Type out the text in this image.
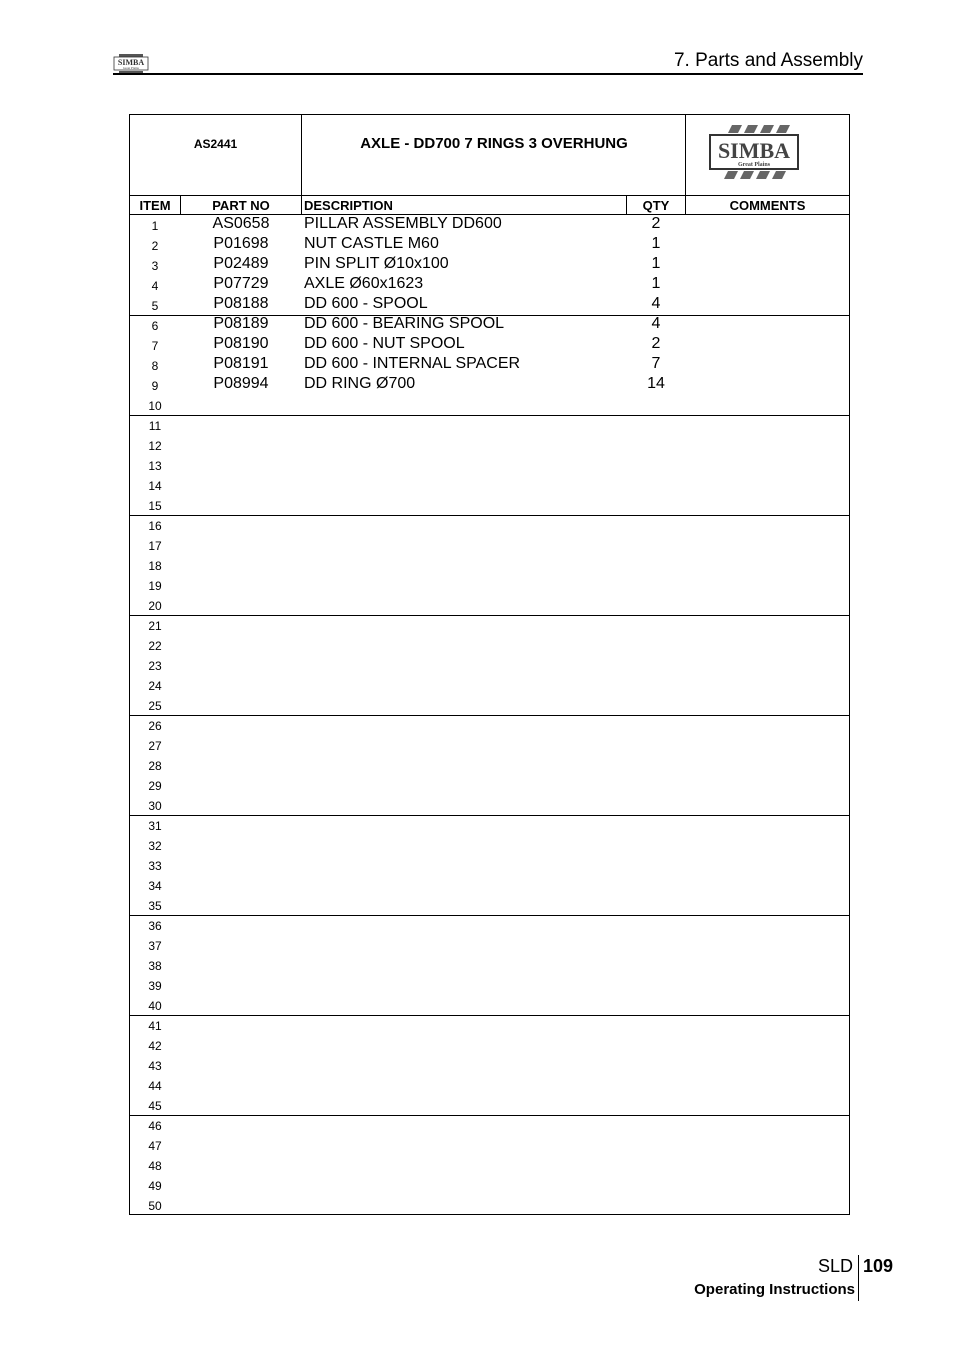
SIMBA
Great Plains	7. Parts and Assembly
AS2441	AXLE - DD700 7 RINGS 3 OVERHUNG	SIMBA
Great Plains
ITEM	PART NO	DESCRIPTION	QTY	COMMENTS
1	AS0658	PILLAR ASSEMBLY DD600	2
2	P01698	NUT CASTLE M60	1
3	P02489	PIN SPLIT Ø10x100	1
4	P07729	AXLE Ø60x1623	1
5	P08188	DD 600 - SPOOL	4
6	P08189	DD 600 - BEARING SPOOL	4
7	P08190	DD 600 - NUT SPOOL	2
8	P08191	DD 600 - INTERNAL SPACER	7
9	P08994	DD RING Ø700	14
10
11
12
13
14
15
16
17
18
19
20
21
22
23
24
25
26
27
28
29
30
31
32
33
34
35
36
37
38
39
40
41
42
43
44
45
46
47
48
49
50
SLD 109
Operating Instructions
